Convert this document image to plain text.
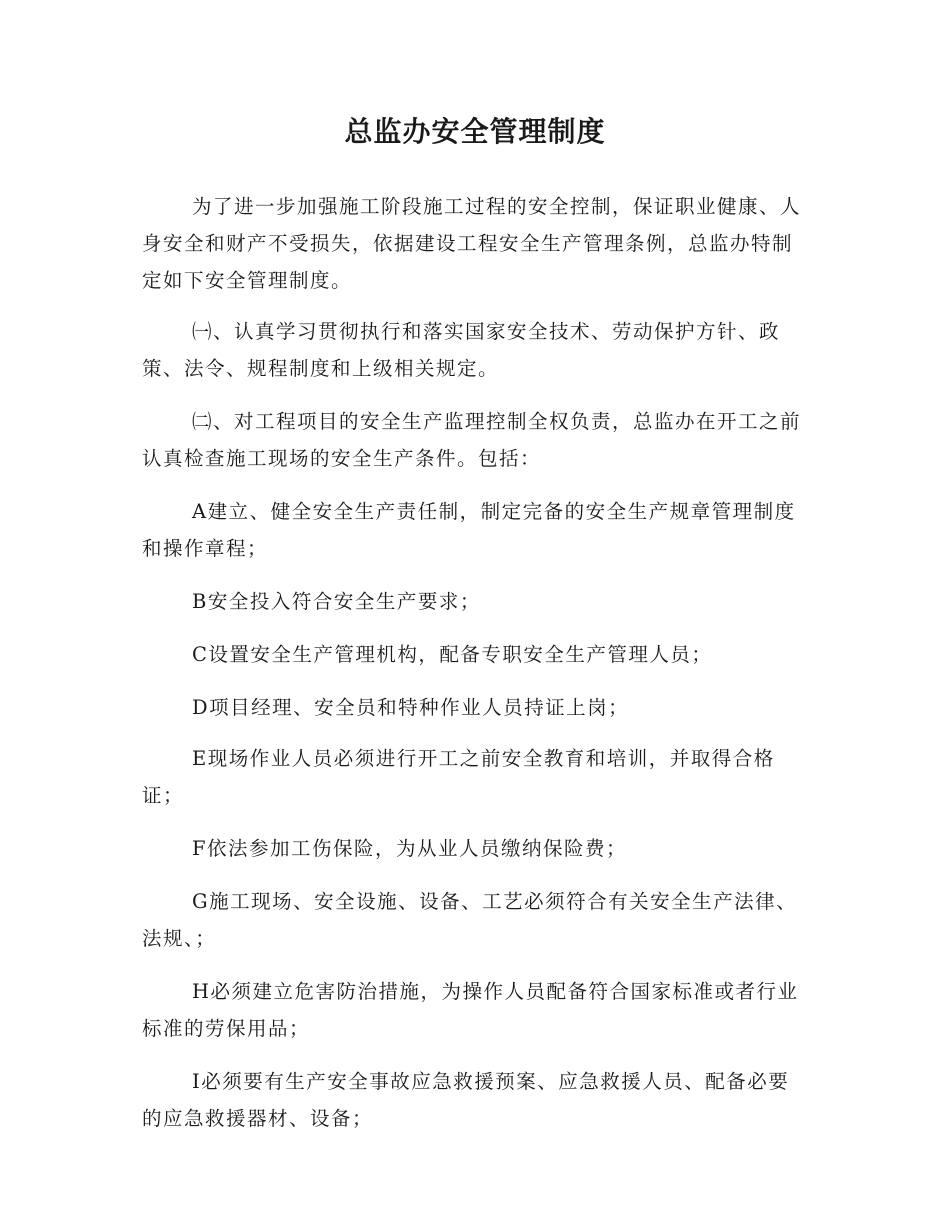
总监办安全管理制度

为了进一步加强施工阶段施工过程的安全控制，保证职业健康、人身安全和财产不受损失，依据建设工程安全生产管理条例，总监办特制定如下安全管理制度。

㈠、认真学习贯彻执行和落实国家安全技术、劳动保护方针、政策、法令、规程制度和上级相关规定。

㈡、对工程项目的安全生产监理控制全权负责，总监办在开工之前认真检查施工现场的安全生产条件。包括：

A建立、健全安全生产责任制，制定完备的安全生产规章管理制度和操作章程；

B安全投入符合安全生产要求；

C设置安全生产管理机构，配备专职安全生产管理人员；

D项目经理、安全员和特种作业人员持证上岗；

E现场作业人员必须进行开工之前安全教育和培训，并取得合格证；

F依法参加工伤保险，为从业人员缴纳保险费；

G施工现场、安全设施、设备、工艺必须符合有关安全生产法律、法规、；

H必须建立危害防治措施，为操作人员配备符合国家标准或者行业标准的劳保用品；

I必须要有生产安全事故应急救援预案、应急救援人员、配备必要的应急救援器材、设备；
